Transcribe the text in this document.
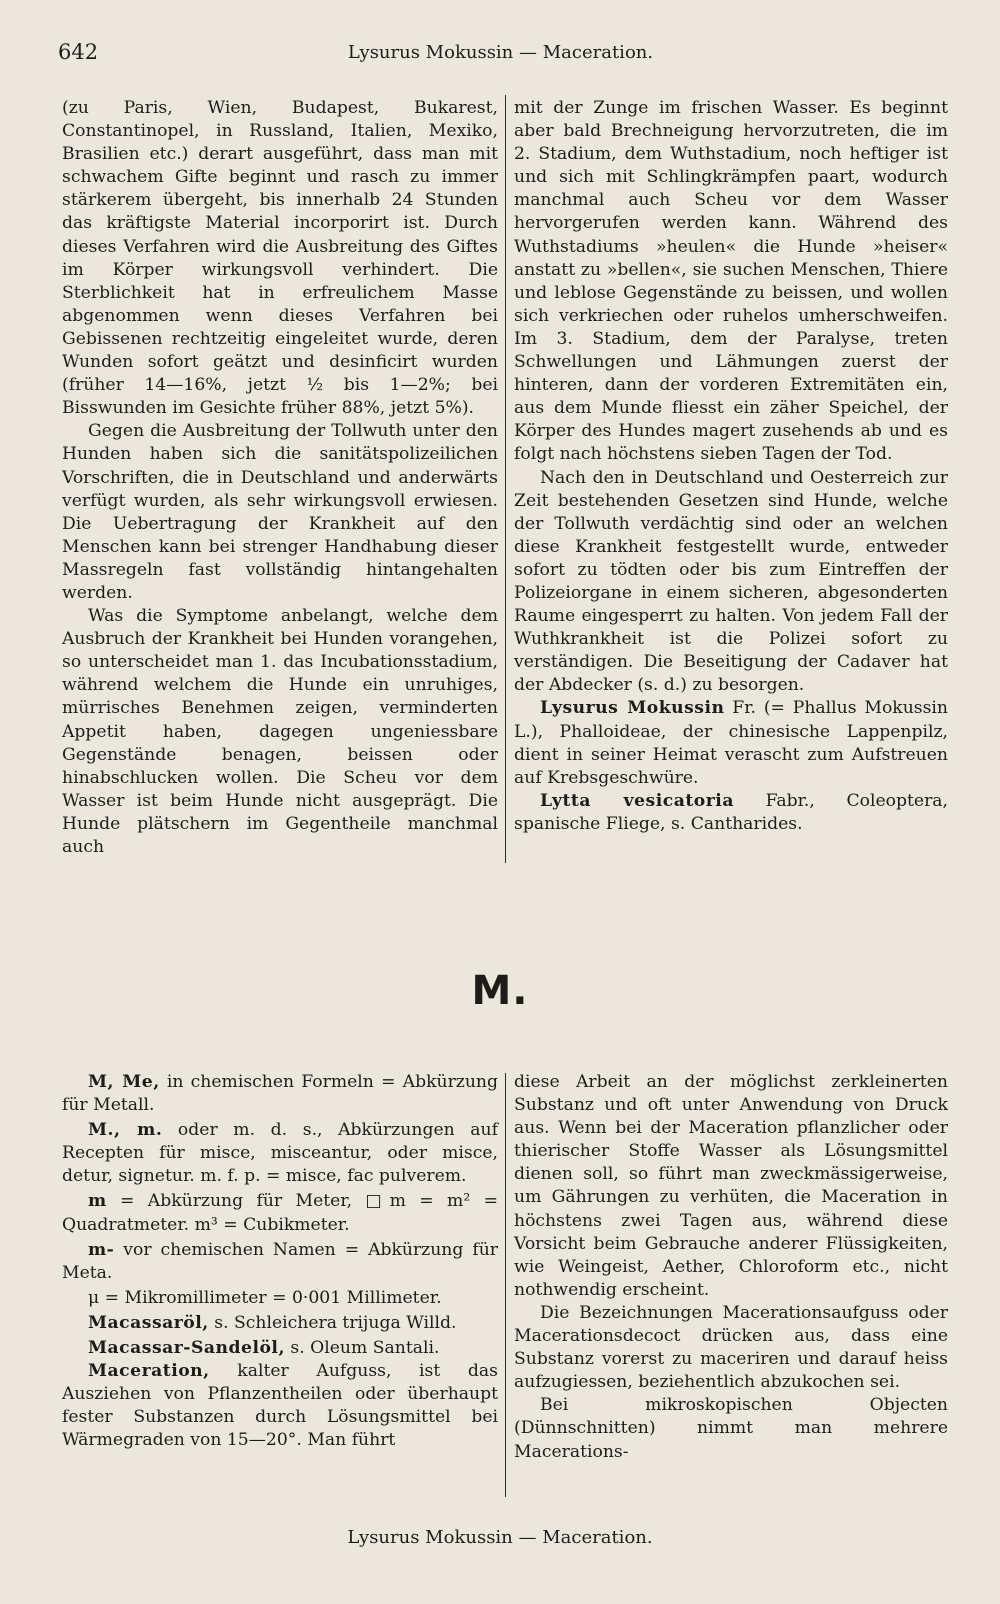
642	Lysurus Mokussin — Maceration.

(zu Paris, Wien, Budapest, Bukarest, Constantinopel, in Russland, Italien, Mexiko, Brasilien etc.) derart ausgeführt, dass man mit schwachem Gifte beginnt und rasch zu immer stärkerem übergeht, bis innerhalb 24 Stunden das kräftigste Material incorporirt ist. Durch dieses Verfahren wird die Ausbreitung des Giftes im Körper wirkungsvoll verhindert. Die Sterblichkeit hat in erfreulichem Masse abgenommen wenn dieses Verfahren bei Gebissenen rechtzeitig eingeleitet wurde, deren Wunden sofort geätzt und desinficirt wurden (früher 14—16%, jetzt ½ bis 1—2%; bei Bisswunden im Gesichte früher 88%, jetzt 5%).

Gegen die Ausbreitung der Tollwuth unter den Hunden haben sich die sanitätspolizeilichen Vorschriften, die in Deutschland und anderwärts verfügt wurden, als sehr wirkungsvoll erwiesen. Die Uebertragung der Krankheit auf den Menschen kann bei strenger Handhabung dieser Massregeln fast vollständig hintangehalten werden.

Was die Symptome anbelangt, welche dem Ausbruch der Krankheit bei Hunden vorangehen, so unterscheidet man 1. das Incubationsstadium, während welchem die Hunde ein unruhiges, mürrisches Benehmen zeigen, verminderten Appetit haben, dagegen ungeniessbare Gegenstände benagen, beissen oder hinabschlucken wollen. Die Scheu vor dem Wasser ist beim Hunde nicht ausgeprägt. Die Hunde plätschern im Gegentheile manchmal auch

mit der Zunge im frischen Wasser. Es beginnt aber bald Brechneigung hervorzutreten, die im 2. Stadium, dem Wuthstadium, noch heftiger ist und sich mit Schlingkrämpfen paart, wodurch manchmal auch Scheu vor dem Wasser hervorgerufen werden kann. Während des Wuthstadiums »heulen« die Hunde »heiser« anstatt zu »bellen«, sie suchen Menschen, Thiere und leblose Gegenstände zu beissen, und wollen sich verkriechen oder ruhelos umherschweifen. Im 3. Stadium, dem der Paralyse, treten Schwellungen und Lähmungen zuerst der hinteren, dann der vorderen Extremitäten ein, aus dem Munde fliesst ein zäher Speichel, der Körper des Hundes magert zusehends ab und es folgt nach höchstens sieben Tagen der Tod.

Nach den in Deutschland und Oesterreich zur Zeit bestehenden Gesetzen sind Hunde, welche der Tollwuth verdächtig sind oder an welchen diese Krankheit festgestellt wurde, entweder sofort zu tödten oder bis zum Eintreffen der Polizeiorgane in einem sicheren, abgesonderten Raume eingesperrt zu halten. Von jedem Fall der Wuthkrankheit ist die Polizei sofort zu verständigen. Die Beseitigung der Cadaver hat der Abdecker (s. d.) zu besorgen.

Lysurus Mokussin Fr. (= Phallus Mokussin L.), Phalloideae, der chinesische Lappenpilz, dient in seiner Heimat verascht zum Aufstreuen auf Krebsgeschwüre.

Lytta vesicatoria Fabr., Coleoptera, spanische Fliege, s. Cantharides.

M.

M, Me, in chemischen Formeln = Abkürzung für Metall.

M., m. oder m. d. s., Abkürzungen auf Recepten für misce, misceantur, oder misce, detur, signetur. m. f. p. = misce, fac pulverem.

m = Abkürzung für Meter, □m = m² = Quadratmeter. m³ = Cubikmeter.

m- vor chemischen Namen = Abkürzung für Meta.

μ = Mikromillimeter = 0·001 Millimeter.

Macassaröl, s. Schleichera trijuga Willd.

Macassar-Sandelöl, s. Oleum Santali.

Maceration, kalter Aufguss, ist das Ausziehen von Pflanzentheilen oder überhaupt fester Substanzen durch Lösungsmittel bei Wärmegraden von 15—20°. Man führt

diese Arbeit an der möglichst zerkleinerten Substanz und oft unter Anwendung von Druck aus. Wenn bei der Maceration pflanzlicher oder thierischer Stoffe Wasser als Lösungsmittel dienen soll, so führt man zweckmässigerweise, um Gährungen zu verhüten, die Maceration in höchstens zwei Tagen aus, während diese Vorsicht beim Gebrauche anderer Flüssigkeiten, wie Weingeist, Aether, Chloroform etc., nicht nothwendig erscheint.

Die Bezeichnungen Macerationsaufguss oder Macerationsdecoct drücken aus, dass eine Substanz vorerst zu maceriren und darauf heiss aufzugiessen, beziehentlich abzukochen sei.

Bei mikroskopischen Objecten (Dünnschnitten) nimmt man mehrere Macerations-

Lysurus Mokussin — Maceration.
